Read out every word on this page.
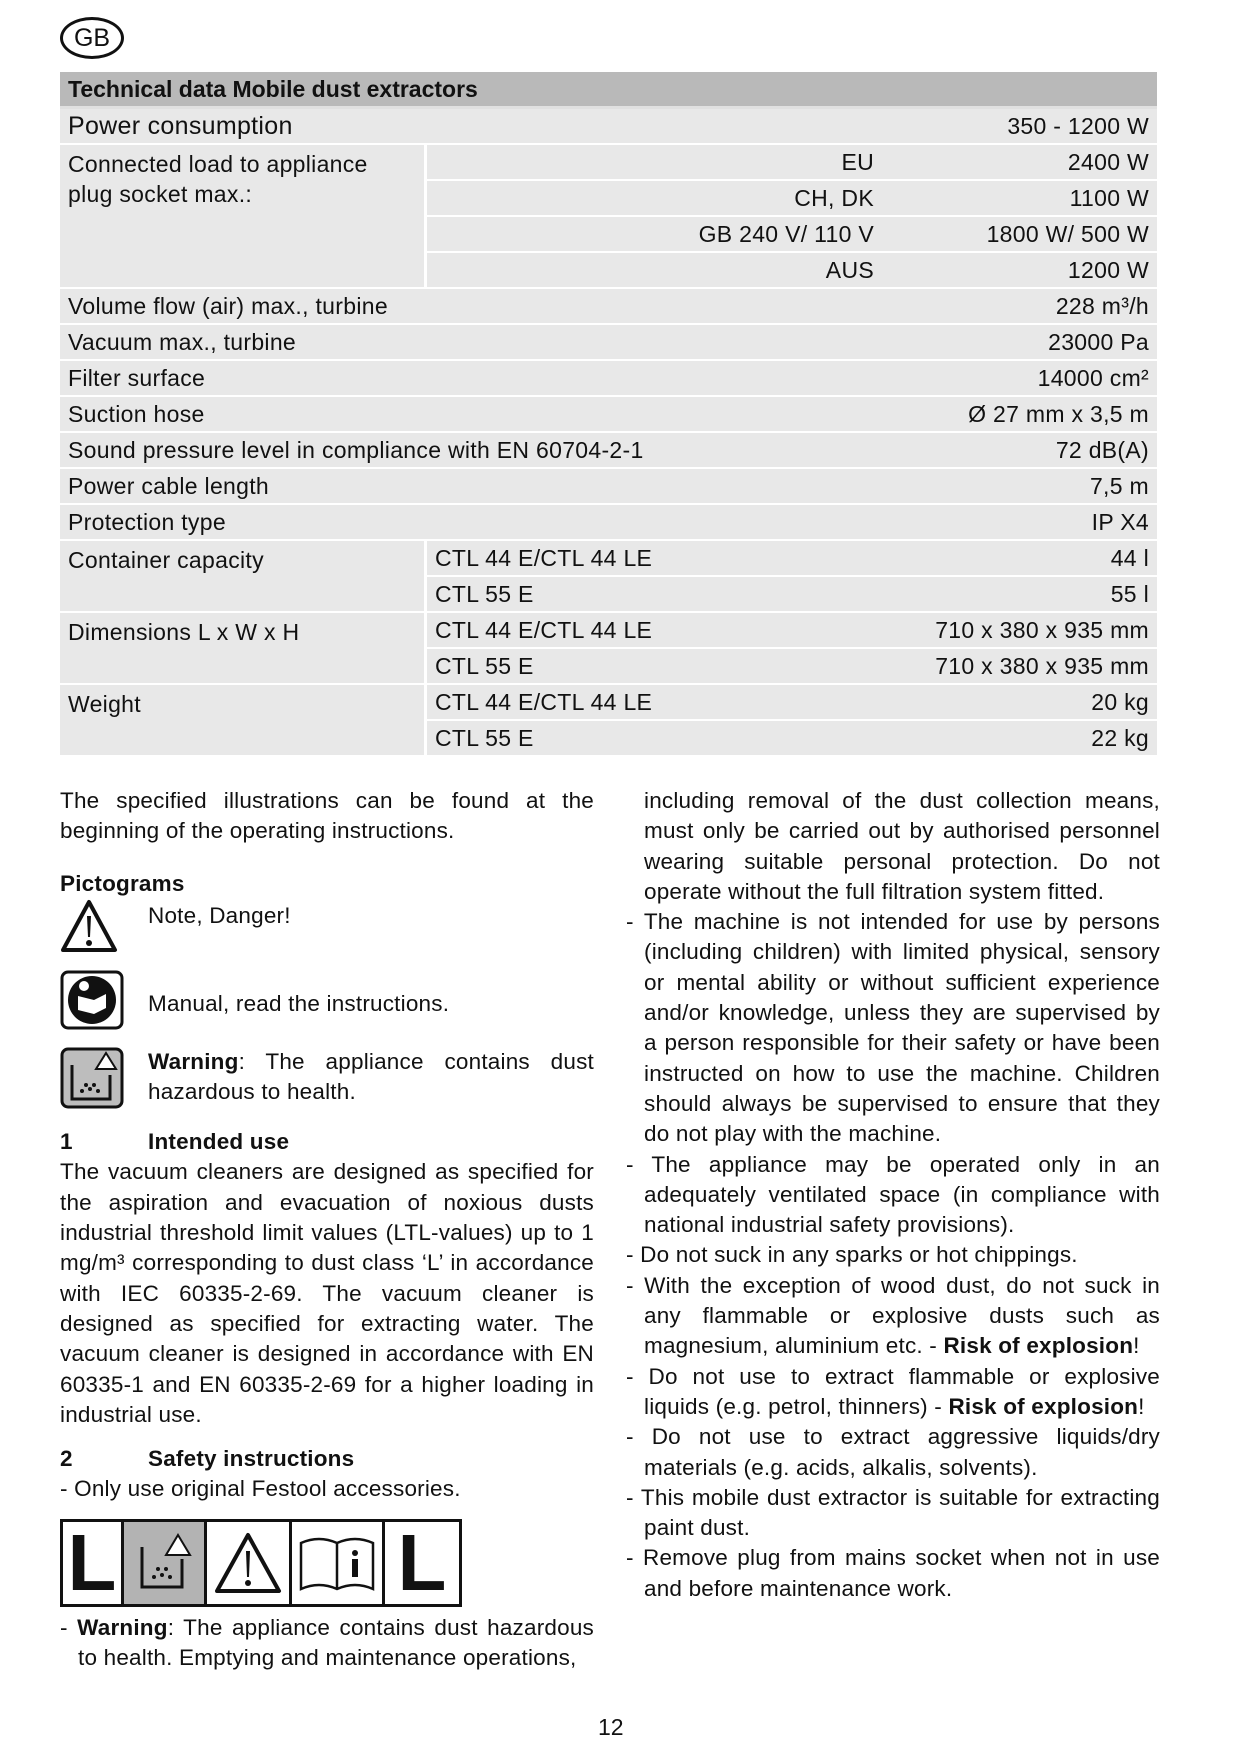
GB
Technical data Mobile dust extractors		
Power consumption		350 - 1200 W
Connected load to appliance plug socket max.:	EU	2400 W
	CH, DK	1100 W
	GB 240 V/ 110 V	1800 W/ 500 W
	AUS	1200 W
Volume flow (air) max., turbine		228 m³/h
Vacuum max., turbine		23000 Pa
Filter surface		14000 cm²
Suction hose		Ø 27 mm x 3,5 m
Sound pressure level in compliance with EN 60704-2-1		72 dB(A)
Power cable length		7,5 m
Protection type		IP X4
Container capacity	CTL 44 E/CTL 44 LE	44 l
	CTL 55 E	55 l
Dimensions L x W x H	CTL 44 E/CTL 44 LE	710 x 380 x 935 mm
	CTL 55 E	710 x 380 x 935 mm
Weight	CTL 44 E/CTL 44 LE	20 kg
	CTL 55 E	22 kg

The specified illustrations can be found at the beginning of the operating instructions.

Pictograms
Note, Danger!
Manual, read the instructions.
Warning: The appliance contains dust hazardous to health.
1	Intended use

The vacuum cleaners are designed as specified for the aspiration and evacuation of noxious dusts industrial threshold limit values (LTL-values) up to 1 mg/m³ corresponding to dust class ‘L’ in accordance with IEC 60335-2-69. The vacuum cleaner is designed as specified for extracting water. The vacuum cleaner is designed in accordance with EN 60335-1 and EN 60335-2-69 for a higher loading in industrial use.

2	Safety instructions

- Only use original Festool accessories.

L	L

- Warning: The appliance contains dust hazardous to health. Emptying and maintenance operations,

including removal of the dust collection means, must only be carried out by authorised personnel wearing suitable personal protection. Do not operate without the full filtration system fitted.

- The machine is not intended for use by persons (including children) with limited physical, sensory or mental ability or without sufficient experience and/or knowledge, unless they are supervised by a person responsible for their safety or have been instructed on how to use the machine. Children should always be supervised to ensure that they do not play with the machine.

- The appliance may be operated only in an adequately ventilated space (in compliance with national industrial safety provisions).

- Do not suck in any sparks or hot chippings.

- With the exception of wood dust, do not suck in any flammable or explosive dusts such as magnesium, aluminium etc. - Risk of explosion!

- Do not use to extract flammable or explosive liquids (e.g. petrol, thinners) - Risk of explosion!

- Do not use to extract aggressive liquids/dry materials (e.g. acids, alkalis, solvents).

- This mobile dust extractor is suitable for extracting paint dust.

- Remove plug from mains socket when not in use and before maintenance work.

12
